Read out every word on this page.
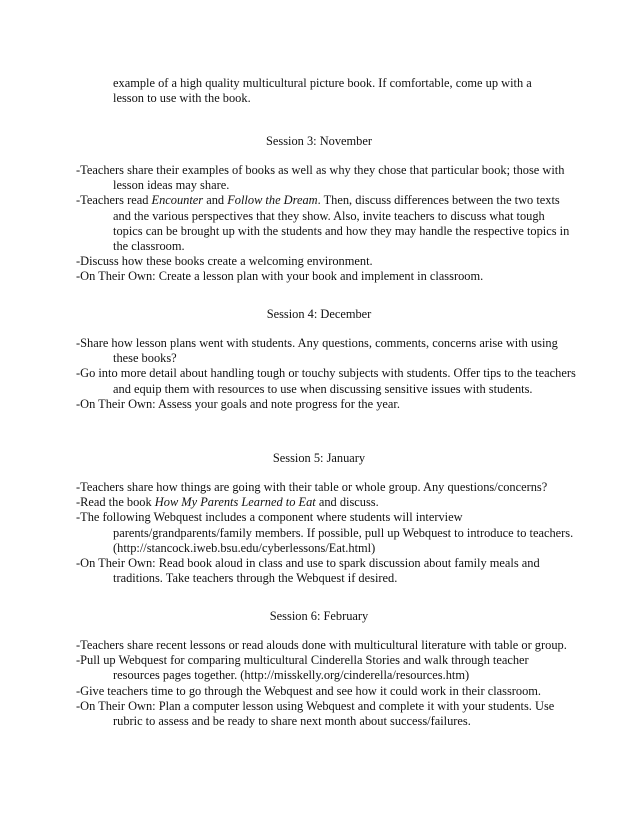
example of a high quality multicultural picture book. If comfortable, come up with a
lesson to use with the book.
Session 3: November

-Teachers share their examples of books as well as why they chose that particular book; those with lesson ideas may share.

-Teachers read Encounter and Follow the Dream. Then, discuss differences between the two texts and the various perspectives that they show. Also, invite teachers to discuss what tough topics can be brought up with the students and how they may handle the respective topics in the classroom.

-Discuss how these books create a welcoming environment.

-On Their Own: Create a lesson plan with your book and implement in classroom.

Session 4: December

-Share how lesson plans went with students. Any questions, comments, concerns arise with using these books?

-Go into more detail about handling tough or touchy subjects with students. Offer tips to the teachers and equip them with resources to use when discussing sensitive issues with students.

-On Their Own: Assess your goals and note progress for the year.

Session 5: January

-Teachers share how things are going with their table or whole group. Any questions/concerns?

-Read the book How My Parents Learned to Eat and discuss.

-The following Webquest includes a component where students will interview parents/grandparents/family members. If possible, pull up Webquest to introduce to teachers. (http://stancock.iweb.bsu.edu/cyberlessons/Eat.html)

-On Their Own: Read book aloud in class and use to spark discussion about family meals and traditions. Take teachers through the Webquest if desired.

Session 6: February

-Teachers share recent lessons or read alouds done with multicultural literature with table or group.

-Pull up Webquest for comparing multicultural Cinderella Stories and walk through teacher resources pages together. (http://misskelly.org/cinderella/resources.htm)

-Give teachers time to go through the Webquest and see how it could work in their classroom.

-On Their Own: Plan a computer lesson using Webquest and complete it with your students. Use rubric to assess and be ready to share next month about success/failures.
